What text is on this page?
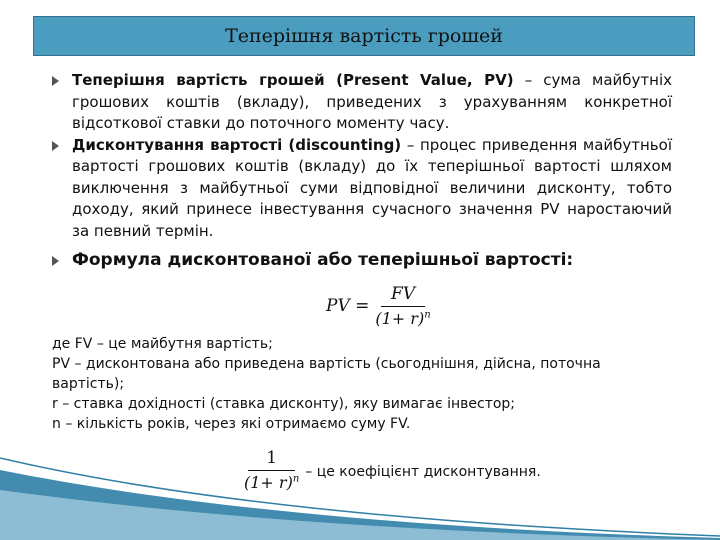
Теперішня вартість грошей
Теперішня вартість грошей (Present Value, PV) – сума майбутніх грошових коштів (вкладу), приведених з урахуванням конкретної відсоткової ставки до поточного моменту часу.
Дисконтування вартості (discounting) – процес приведення майбутньої вартості грошових коштів (вкладу) до їх теперішньої вартості шляхом виключення з майбутньої суми відповідної величини дисконту, тобто доходу, який принесе інвестування сучасного значення PV наростаючий за певний термін.
Формула дисконтованої або теперішньої вартості:
PV = $\frac{FV}{(1+ r)^n}$

де FV – це майбутня вартість;

PV – дисконтована або приведена вартість (сьогоднішня, дійсна, поточна вартість);

r – ставка дохідності (ставка дисконту), яку вимагає інвестор;

n – кількість років, через які отримаємо суму FV.

$\frac{1}{(1+ r)^n}$ – це коефіцієнт дисконтування.
